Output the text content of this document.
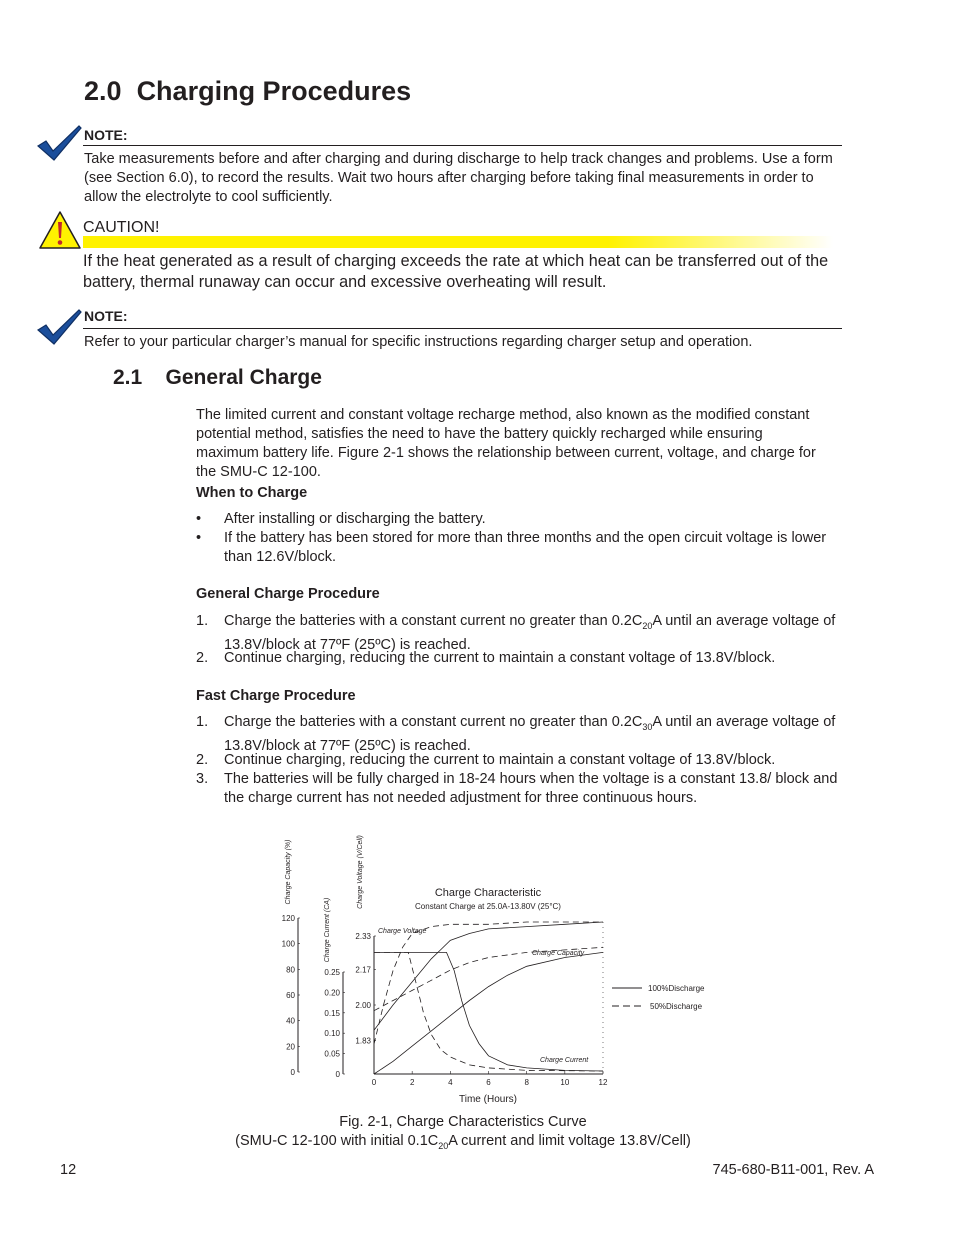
2.0 Charging Procedures
NOTE:
Take measurements before and after charging and during discharge to help track changes and problems. Use a form (see Section 6.0), to record the results. Wait two hours after charging before taking final measurements in order to allow the electrolyte to cool sufficiently.
CAUTION!
If the heat generated as a result of charging exceeds the rate at which heat can be transferred out of the battery, thermal runaway can occur and excessive overheating will result.
NOTE:
Refer to your particular charger’s manual for specific instructions regarding charger setup and operation.
2.1 General Charge
The limited current and constant voltage recharge method, also known as the modified constant potential method, satisfies the need to have the battery quickly recharged while ensuring maximum battery life. Figure 2-1 shows the relationship between current, voltage, and charge for the SMU-C 12-100.
When to Charge
• After installing or discharging the battery.
• If the battery has been stored for more than three months and the open circuit voltage is lower than 12.6V/block.
General Charge Procedure
1. Charge the batteries with a constant current no greater than $0.2C_{20}A$ until an average voltage of 13.8V/block at 77ºF (25ºC) is reached.
2. Continue charging, reducing the current to maintain a constant voltage of 13.8V/block.
Fast Charge Procedure
1. Charge the batteries with a constant current no greater than $0.2C_{30}A$ until an average voltage of 13.8V/block at 77ºF (25ºC) is reached.
2. Continue charging, reducing the current to maintain a constant voltage of 13.8V/block.
3. The batteries will be fully charged in 18-24 hours when the voltage is a constant 13.8/ block and the charge current has not needed adjustment for three continuous hours.
Charge Characteristic
Constant Charge at 25.0A-13.80V (25°C)
120
100
80
60
40
20
0
Charge Capacity (%)
0.25
0.20
0.15
0.10
0.05
0
Charge Current (CA)	2.33
2.17
2.00
1.83
Charge Voltage (V/Cell)
0	2	4	6	8	10	12
Time (Hours)
Charge Voltage
Charge Capacity
Charge Current
100%Discharge
50%Discharge
Fig. 2-1, Charge Characteristics Curve
(SMU-C 12-100 with initial $0.1C_{20}A$ current and limit voltage 13.8V/Cell)
12	745-680-B11-001, Rev. A
